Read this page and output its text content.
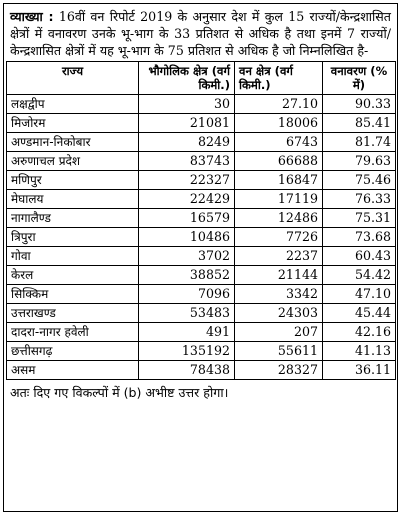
व्याख्या : 16वीं वन रिपोर्ट 2019 के अनुसार देश में कुल 15 राज्यों/केन्द्रशासित क्षेत्रों में वनावरण उनके भू-भाग के 33 प्रतिशत से अधिक है तथा इनमें 7 राज्यों/केन्द्रशासित क्षेत्रों में यह भू-भाग के 75 प्रतिशत से अधिक है जो निम्नलिखित है-
राज्य	भौगोलिक क्षेत्र (वर्ग किमी.)	वन क्षेत्र (वर्ग किमी.)	वनावरण (% में)
लक्षद्वीप	30	27.10	90.33
मिजोरम	21081	18006	85.41
अण्डमान-निकोबार	8249	6743	81.74
अरुणाचल प्रदेश	83743	66688	79.63
मणिपुर	22327	16847	75.46
मेघालय	22429	17119	76.33
नागालैण्ड	16579	12486	75.31
त्रिपुरा	10486	7726	73.68
गोवा	3702	2237	60.43
केरल	38852	21144	54.42
सिक्किम	7096	3342	47.10
उत्तराखण्ड	53483	24303	45.44
दादरा-नागर हवेली	491	207	42.16
छत्तीसगढ़	135192	55611	41.13
असम	78438	28327	36.11
अतः दिए गए विकल्पों में (b) अभीष्ट उत्तर होगा।
